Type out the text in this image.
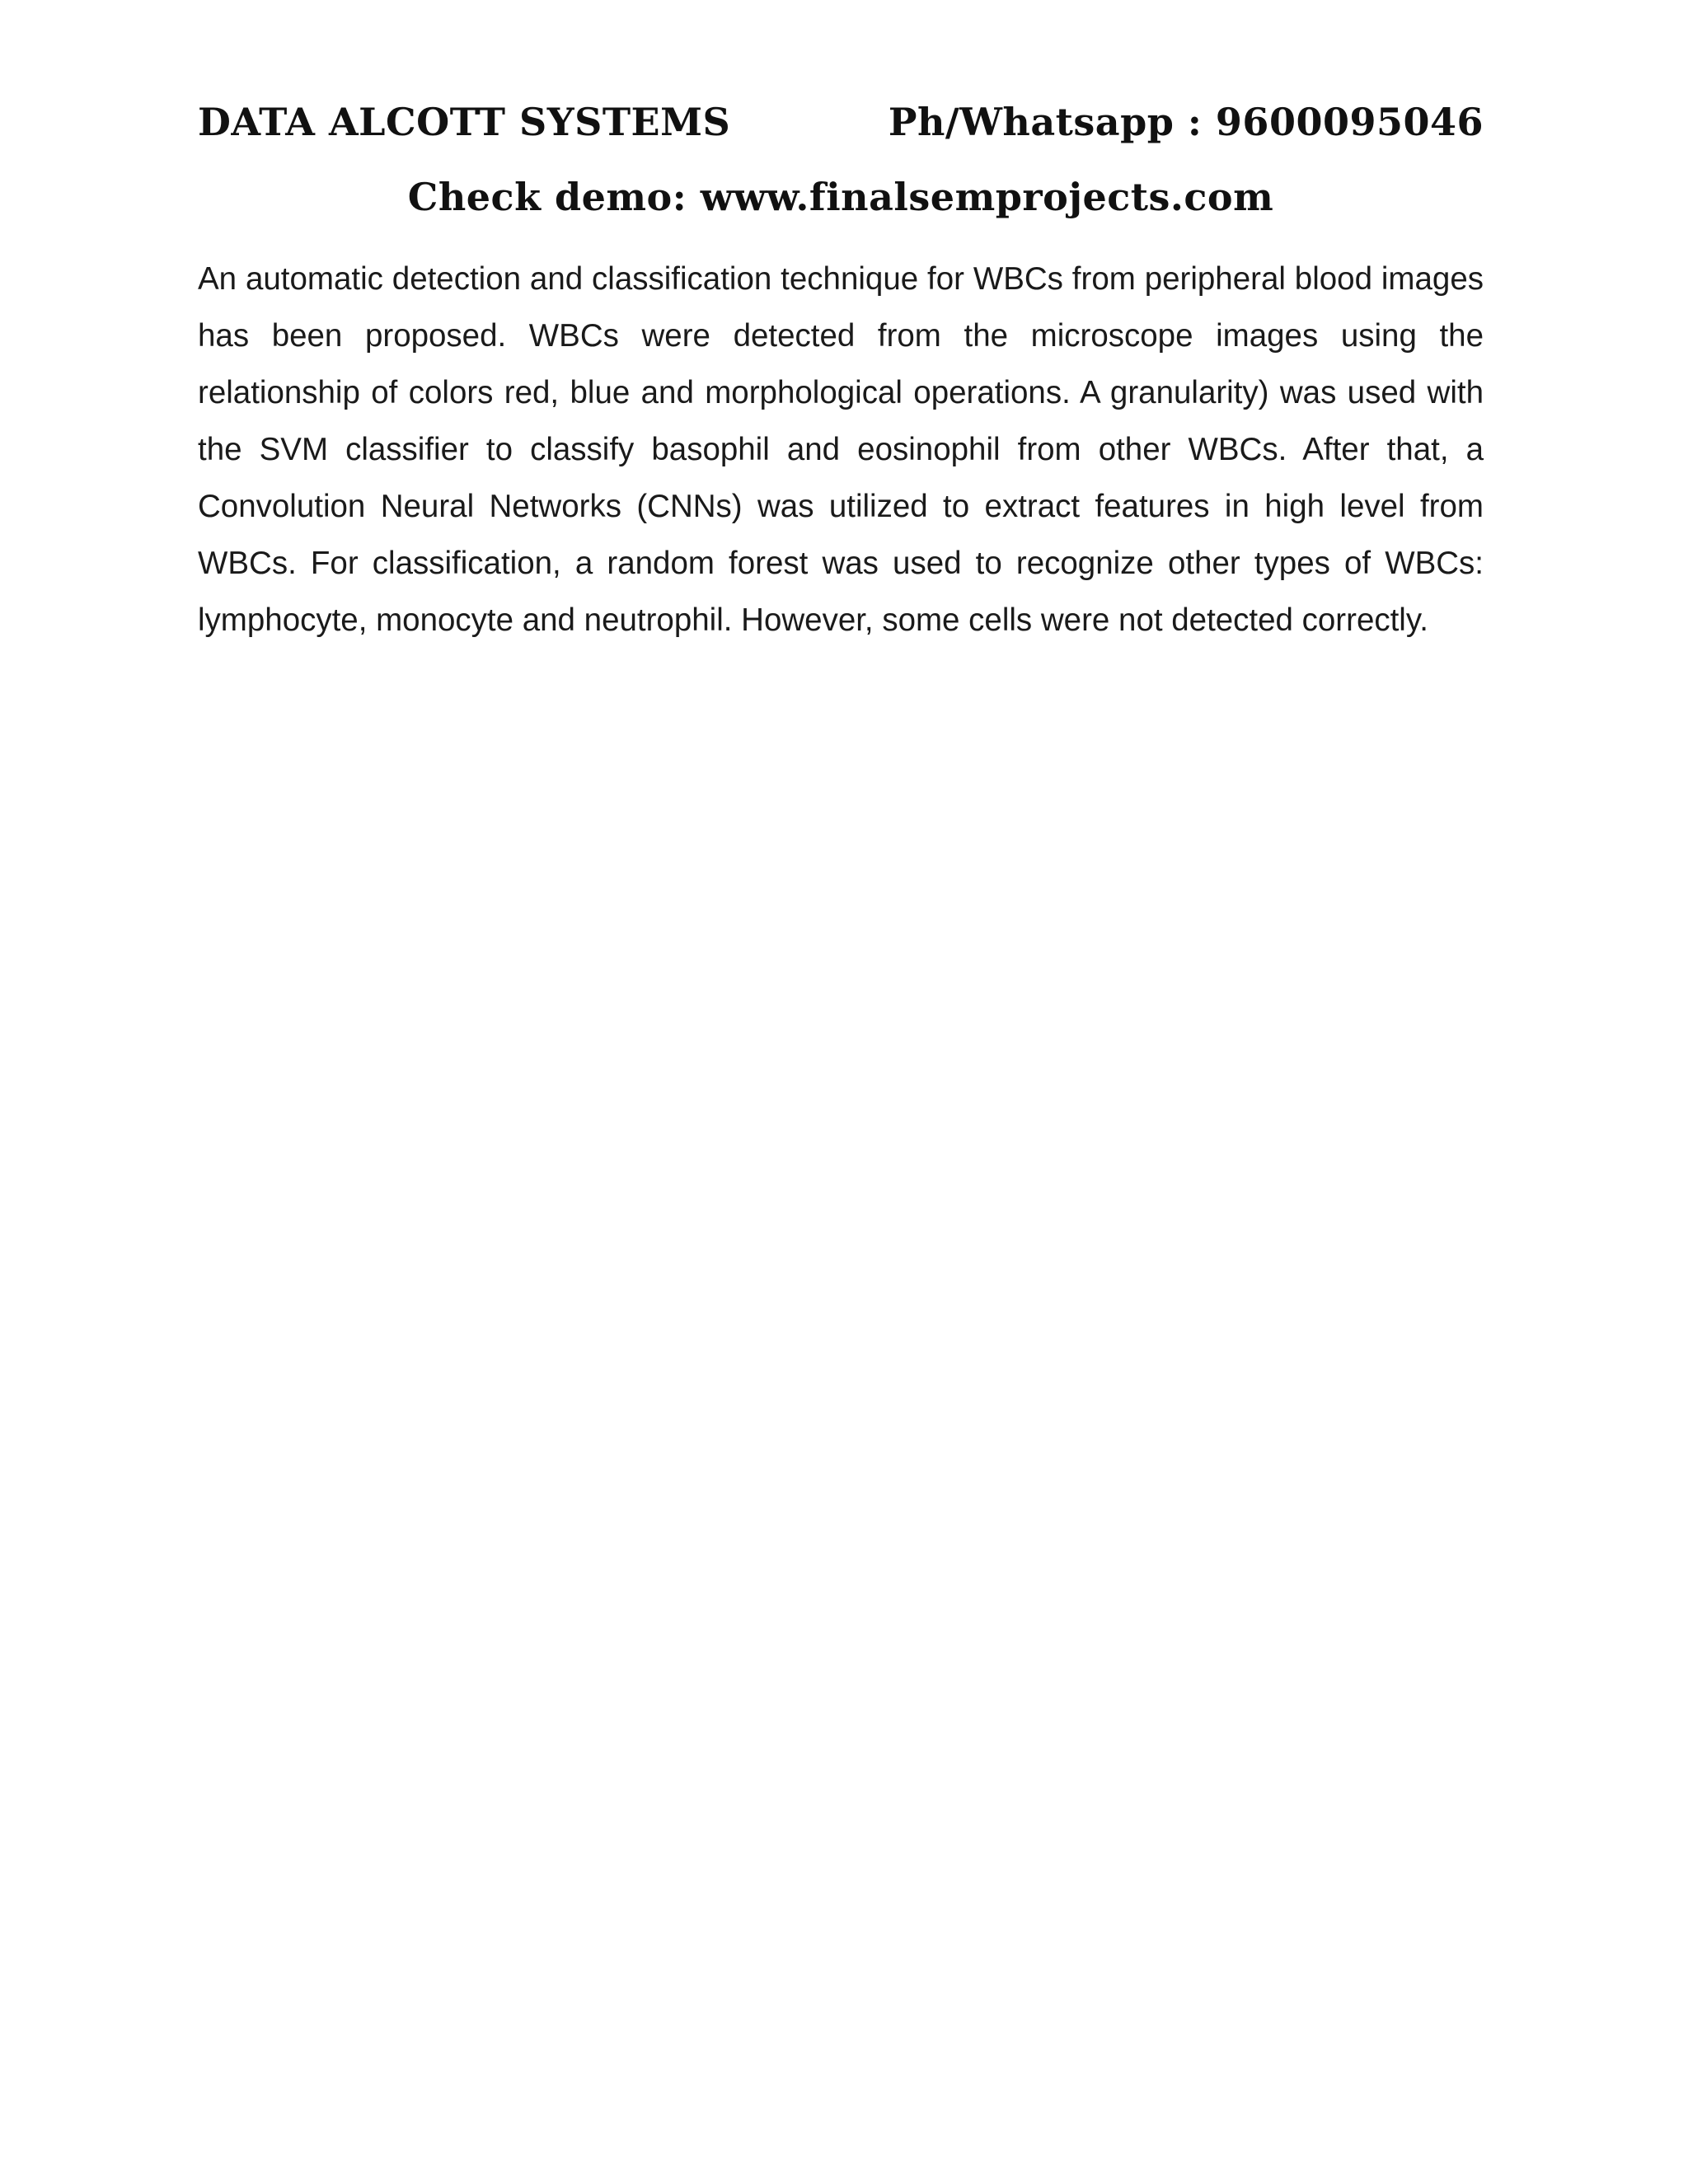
DATA ALCOTT SYSTEMS	Ph/Whatsapp : 9600095046
Check demo: www.finalsemprojects.com

An automatic detection and classification technique for WBCs from peripheral blood images has been proposed. WBCs were detected from the microscope images using the relationship of colors red, blue and morphological operations. A granularity) was used with the SVM classifier to classify basophil and eosinophil from other WBCs. After that, a Convolution Neural Networks (CNNs) was utilized to extract features in high level from WBCs. For classification, a random forest was used to recognize other types of WBCs: lymphocyte, monocyte and neutrophil. However, some cells were not detected correctly.
